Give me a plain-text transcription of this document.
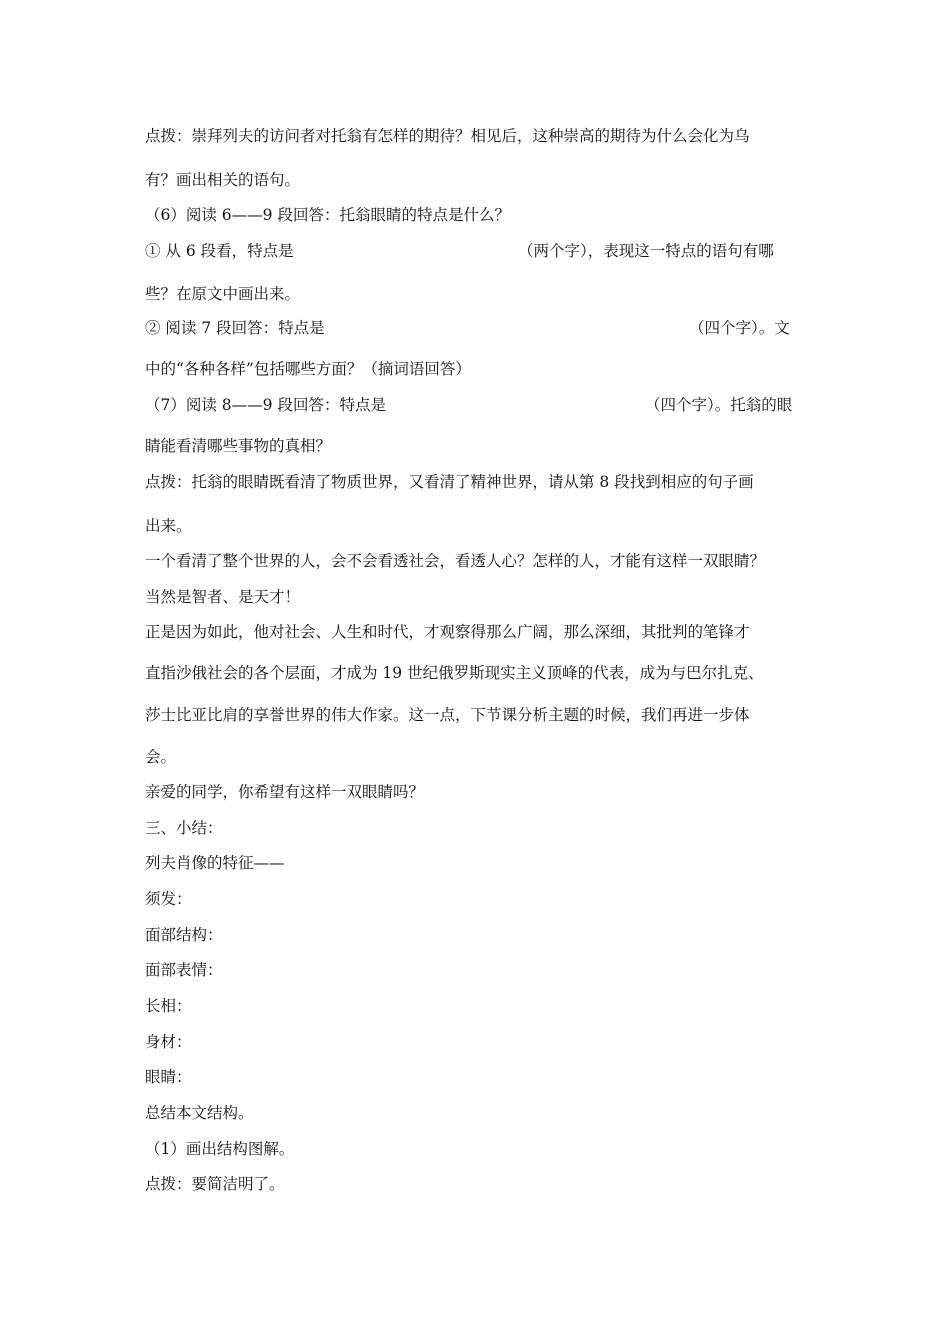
点拨：崇拜列夫的访问者对托翁有怎样的期待？相见后，这种崇高的期待为什么会化为乌
有？画出相关的语句。
（6）阅读 6——9 段回答：托翁眼睛的特点是什么？
① 从 6 段看，特点是	（两个字），表现这一特点的语句有哪
些？在原文中画出来。
② 阅读 7 段回答：特点是	（四个字）。文
中的“各种各样”包括哪些方面？（摘词语回答）
（7）阅读 8——9 段回答：特点是	（四个字）。托翁的眼
睛能看清哪些事物的真相？
点拨：托翁的眼睛既看清了物质世界，又看清了精神世界，请从第 8 段找到相应的句子画
出来。
一个看清了整个世界的人，会不会看透社会，看透人心？怎样的人，才能有这样一双眼睛？
当然是智者、是天才！
正是因为如此，他对社会、人生和时代，才观察得那么广阔，那么深细，其批判的笔锋才
直指沙俄社会的各个层面，才成为 19 世纪俄罗斯现实主义顶峰的代表，成为与巴尔扎克、
莎士比亚比肩的享誉世界的伟大作家。这一点，下节课分析主题的时候，我们再进一步体
会。
亲爱的同学，你希望有这样一双眼睛吗？
三、小结：
列夫肖像的特征——
须发：
面部结构：
面部表情：
长相：
身材：
眼睛：
总结本文结构。
（1）画出结构图解。
点拨：要简洁明了。
